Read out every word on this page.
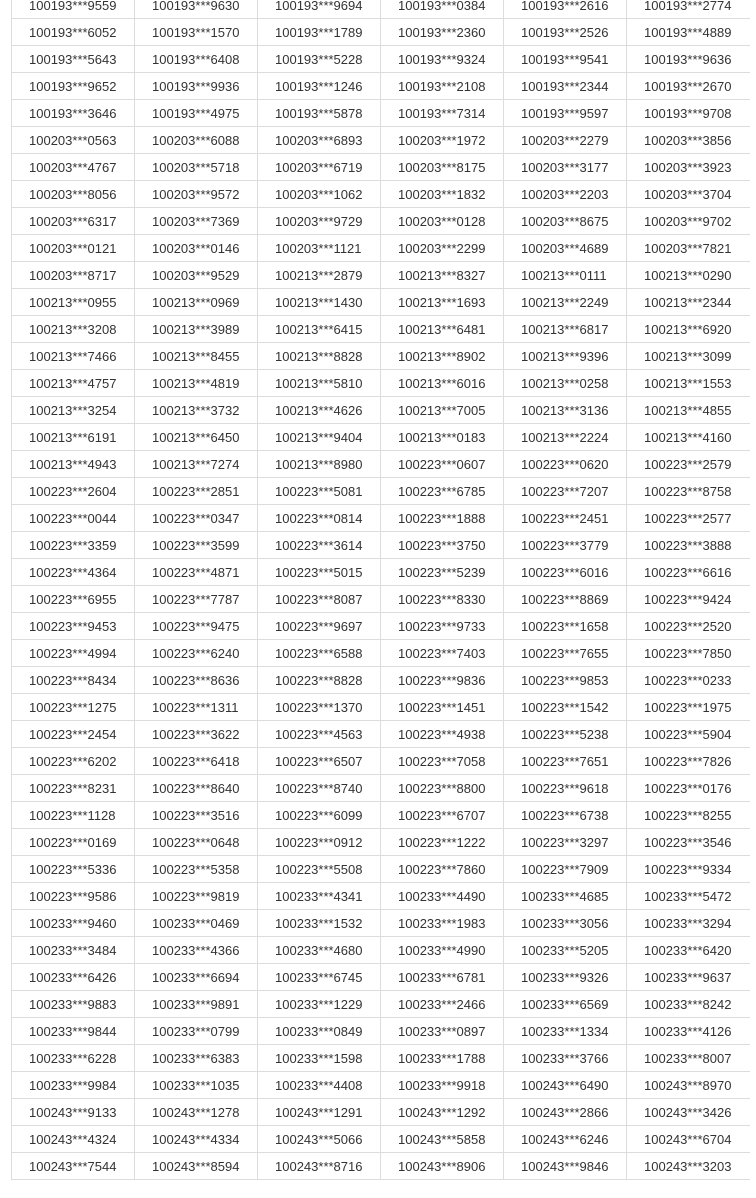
100193***9559	100193***9630	100193***9694	100193***0384	100193***2616	100193***2774
100193***6052	100193***1570	100193***1789	100193***2360	100193***2526	100193***4889
100193***5643	100193***6408	100193***5228	100193***9324	100193***9541	100193***9636
100193***9652	100193***9936	100193***1246	100193***2108	100193***2344	100193***2670
100193***3646	100193***4975	100193***5878	100193***7314	100193***9597	100193***9708
100203***0563	100203***6088	100203***6893	100203***1972	100203***2279	100203***3856
100203***4767	100203***5718	100203***6719	100203***8175	100203***3177	100203***3923
100203***8056	100203***9572	100203***1062	100203***1832	100203***2203	100203***3704
100203***6317	100203***7369	100203***9729	100203***0128	100203***8675	100203***9702
100203***0121	100203***0146	100203***1121	100203***2299	100203***4689	100203***7821
100203***8717	100203***9529	100213***2879	100213***8327	100213***0111	100213***0290
100213***0955	100213***0969	100213***1430	100213***1693	100213***2249	100213***2344
100213***3208	100213***3989	100213***6415	100213***6481	100213***6817	100213***6920
100213***7466	100213***8455	100213***8828	100213***8902	100213***9396	100213***3099
100213***4757	100213***4819	100213***5810	100213***6016	100213***0258	100213***1553
100213***3254	100213***3732	100213***4626	100213***7005	100213***3136	100213***4855
100213***6191	100213***6450	100213***9404	100213***0183	100213***2224	100213***4160
100213***4943	100213***7274	100213***8980	100223***0607	100223***0620	100223***2579
100223***2604	100223***2851	100223***5081	100223***6785	100223***7207	100223***8758
100223***0044	100223***0347	100223***0814	100223***1888	100223***2451	100223***2577
100223***3359	100223***3599	100223***3614	100223***3750	100223***3779	100223***3888
100223***4364	100223***4871	100223***5015	100223***5239	100223***6016	100223***6616
100223***6955	100223***7787	100223***8087	100223***8330	100223***8869	100223***9424
100223***9453	100223***9475	100223***9697	100223***9733	100223***1658	100223***2520
100223***4994	100223***6240	100223***6588	100223***7403	100223***7655	100223***7850
100223***8434	100223***8636	100223***8828	100223***9836	100223***9853	100223***0233
100223***1275	100223***1311	100223***1370	100223***1451	100223***1542	100223***1975
100223***2454	100223***3622	100223***4563	100223***4938	100223***5238	100223***5904
100223***6202	100223***6418	100223***6507	100223***7058	100223***7651	100223***7826
100223***8231	100223***8640	100223***8740	100223***8800	100223***9618	100223***0176
100223***1128	100223***3516	100223***6099	100223***6707	100223***6738	100223***8255
100223***0169	100223***0648	100223***0912	100223***1222	100223***3297	100223***3546
100223***5336	100223***5358	100223***5508	100223***7860	100223***7909	100223***9334
100223***9586	100223***9819	100233***4341	100233***4490	100233***4685	100233***5472
100233***9460	100233***0469	100233***1532	100233***1983	100233***3056	100233***3294
100233***3484	100233***4366	100233***4680	100233***4990	100233***5205	100233***6420
100233***6426	100233***6694	100233***6745	100233***6781	100233***9326	100233***9637
100233***9883	100233***9891	100233***1229	100233***2466	100233***6569	100233***8242
100233***9844	100233***0799	100233***0849	100233***0897	100233***1334	100233***4126
100233***6228	100233***6383	100233***1598	100233***1788	100233***3766	100233***8007
100233***9984	100233***1035	100233***4408	100233***9918	100243***6490	100243***8970
100243***9133	100243***1278	100243***1291	100243***1292	100243***2866	100243***3426
100243***4324	100243***4334	100243***5066	100243***5858	100243***6246	100243***6704
100243***7544	100243***8594	100243***8716	100243***8906	100243***9846	100243***3203
